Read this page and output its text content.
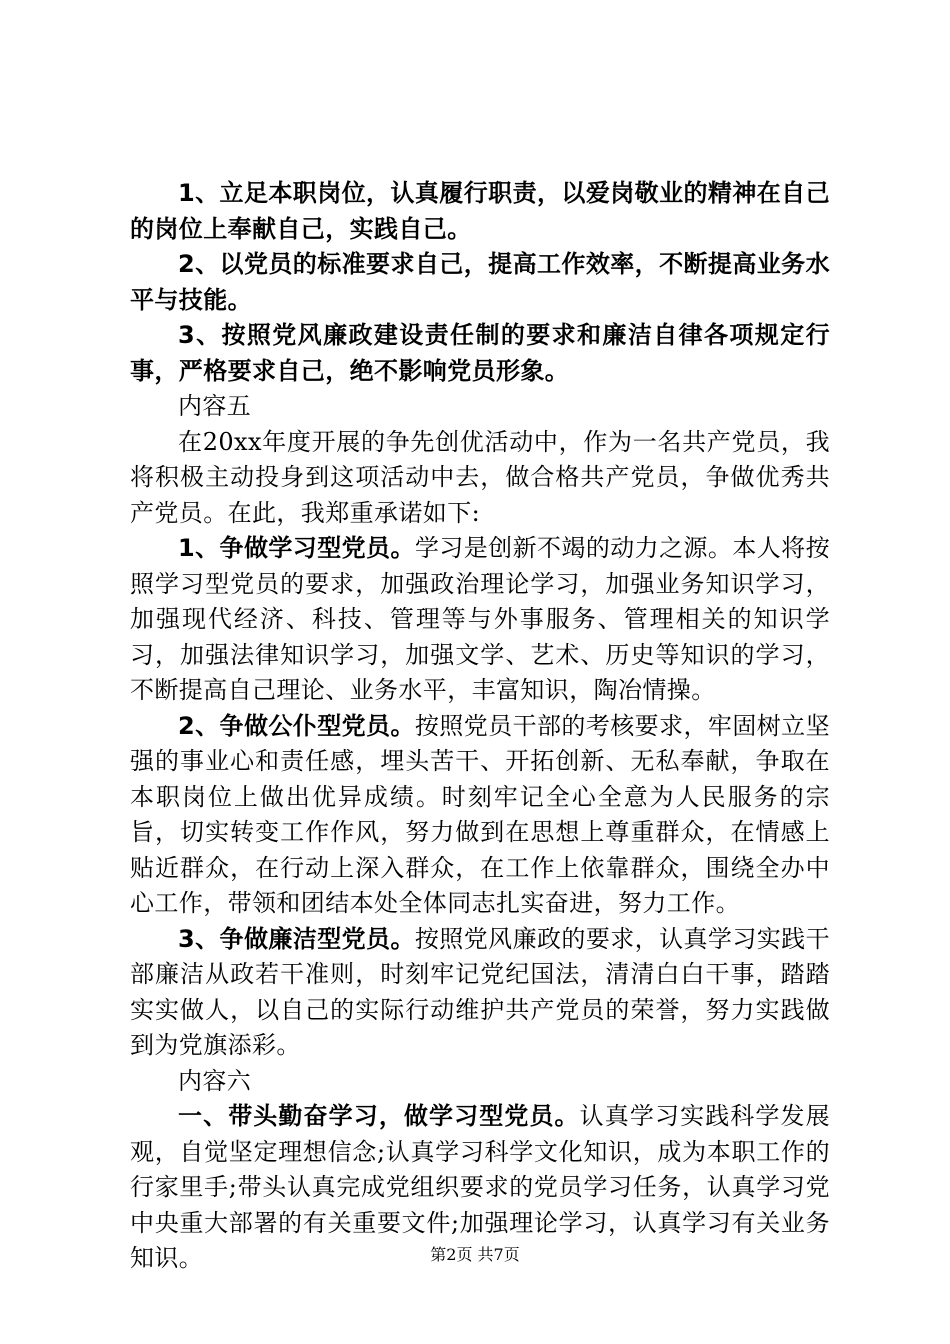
1、立足本职岗位，认真履行职责，以爱岗敬业的精神在自己的岗位上奉献自己，实践自己。

2、以党员的标准要求自己，提高工作效率，不断提高业务水平与技能。

3、按照党风廉政建设责任制的要求和廉洁自律各项规定行事，严格要求自己，绝不影响党员形象。

内容五

在20xx年度开展的争先创优活动中，作为一名共产党员，我将积极主动投身到这项活动中去，做合格共产党员，争做优秀共产党员。在此，我郑重承诺如下:

1、争做学习型党员。学习是创新不竭的动力之源。本人将按照学习型党员的要求，加强政治理论学习，加强业务知识学习，加强现代经济、科技、管理等与外事服务、管理相关的知识学习，加强法律知识学习，加强文学、艺术、历史等知识的学习，不断提高自己理论、业务水平，丰富知识，陶冶情操。

2、争做公仆型党员。按照党员干部的考核要求，牢固树立坚强的事业心和责任感，埋头苦干、开拓创新、无私奉献，争取在本职岗位上做出优异成绩。时刻牢记全心全意为人民服务的宗旨，切实转变工作作风，努力做到在思想上尊重群众，在情感上贴近群众，在行动上深入群众，在工作上依靠群众，围绕全办中心工作，带领和团结本处全体同志扎实奋进，努力工作。

3、争做廉洁型党员。按照党风廉政的要求，认真学习实践干部廉洁从政若干准则，时刻牢记党纪国法，清清白白干事，踏踏实实做人，以自己的实际行动维护共产党员的荣誉，努力实践做到为党旗添彩。

内容六

一、带头勤奋学习，做学习型党员。认真学习实践科学发展观，自觉坚定理想信念;认真学习科学文化知识，成为本职工作的行家里手;带头认真完成党组织要求的党员学习任务，认真学习党中央重大部署的有关重要文件;加强理论学习，认真学习有关业务知识。	第2页 共7页
